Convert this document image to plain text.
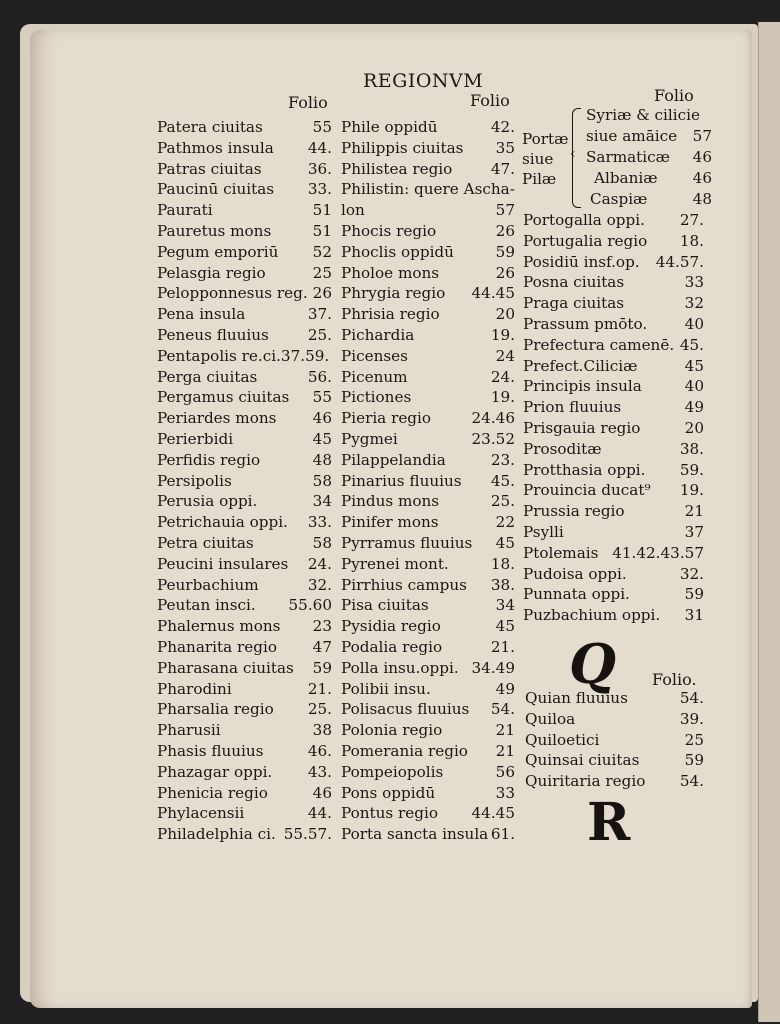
REGIONVM
Folio	Folio	Folio
Patera ciuitas	55
Pathmos insula 44.
Patras ciuitas	36.
Paucinū ciuitas 33.
Paurati	51
Pauretus mons	51
Pegum emporiū 52
Pelasgia regio	25
Pelopponnesus reg. 26
Pena insula	37.
Peneus fluuius	25.
Pentapolis re.ci.37.59.
Perga ciuitas	56.
Pergamus ciuitas 55
Periardes mons 46
Perierbidi	45
Perfidis regio	48
Persipolis	58
Perusia oppi.	34
Petrichauia oppi. 33.
Petra ciuitas	58
Peucini insulares 24.
Peurbachium	32.
Peutan insci. 55.60
Phalernus mons 23
Phanarita regio 47
Pharasana ciuitas 59
Pharodini	21.
Pharsalia regio 25.
Pharusii	38
Phasis fluuius	46.
Phazagar oppi. 43.
Phenicia regio	46
Phylacensii	44.
Philadelphia ci. 55.57.
Phile oppidū	42.
Philippis ciuitas 35
Philistea regio	47.
Philistin: quere Ascha-
lon	57
Phocis regio	26
Phoclis oppidū	59
Pholoe mons	26
Phrygia regio 44.45
Phrisia regio	20
Pichardia	19.
Picenses	24
Picenum	24.
Pictiones	19.
Pieria regio	24.46
Pygmei	23.52
Pilappelandia	23.
Pinarius fluuius 45.
Pindus mons	25.
Pinifer mons	22
Pyrramus fluuius 45
Pyrenei mont.	18.
Pirrhius campus 38.
Pisa ciuitas	34
Pysidia regio	45
Podalia regio	21.
Polla insu.oppi. 34.49
Polibii insu.	49
Polisacus fluuius 54.
Polonia regio	21
Pomerania regio 21
Pompeiopolis	56
Pons oppidū	33
Pontus regio 44.45
Porta sancta insula 61.
Portæ
siue
Pilæ
‹
Syriæ & cilicie
siue amāice 57
Sarmaticæ 46
Albaniæ 46
Caspiæ	48
Portogalla oppi. 27.
Portugalia regio 18.
Posidiū insf.op. 44.57.
Posna ciuitas	33
Praga ciuitas	32
Prassum pmōto. 40
Prefectura camenē. 45.
Prefect.Ciliciæ	45
Principis insula	40
Prion fluuius	49
Prisgauia regio	20
Prosoditæ	38.
Protthasia oppi. 59.
Prouincia ducat⁹ 19.
Prussia regio	21
Psylli	37
Ptolemais 41.42.43.57
Pudoisa oppi.	32.
Punnata oppi.	59
Puzbachium oppi. 31
Q Folio.
Quian fluuius	54.
Quiloa	39.
Quiloetici	25
Quinsai ciuitas	59
Quiritaria regio 54.
R
